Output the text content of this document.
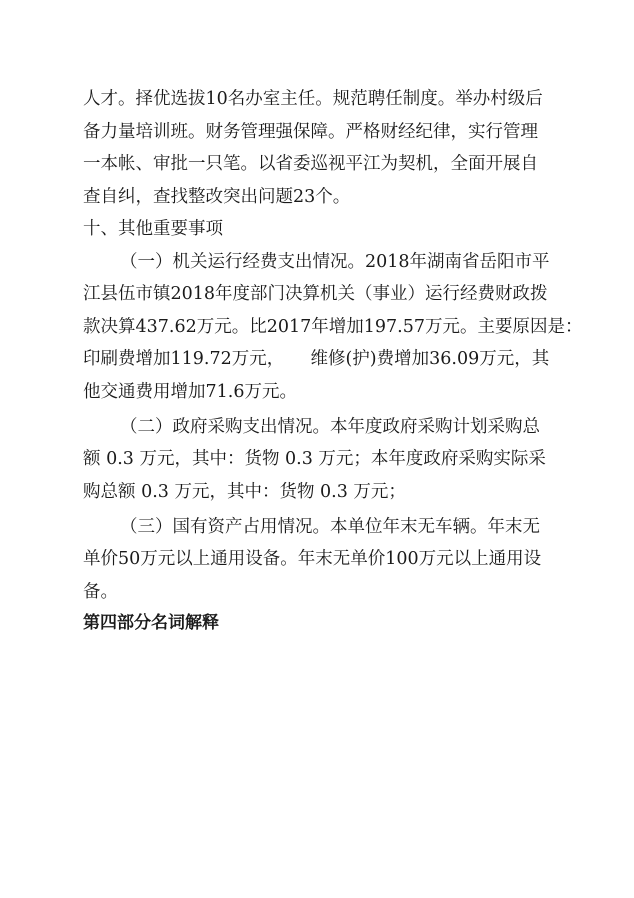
人才。择优选拔10名办室主任。规范聘任制度。举办村级后
备力量培训班。财务管理强保障。严格财经纪律，实行管理
一本帐、审批一只笔。以省委巡视平江为契机，全面开展自
查自纠，查找整改突出问题23个。
十、其他重要事项
（一）机关运行经费支出情况。2018年湖南省岳阳市平
江县伍市镇2018年度部门决算机关（事业）运行经费财政拨
款决算437.62万元。比2017年增加197.57万元。主要原因是：
印刷费增加119.72万元，　　维修(护)费增加36.09万元，其
他交通费用增加71.6万元。
（二）政府采购支出情况。本年度政府采购计划采购总
额 0.3 万元，其中：货物 0.3 万元；本年度政府采购实际采
购总额 0.3 万元，其中：货物 0.3 万元；
（三）国有资产占用情况。本单位年末无车辆。年末无
单价50万元以上通用设备。年末无单价100万元以上通用设
备。
第四部分名词解释
